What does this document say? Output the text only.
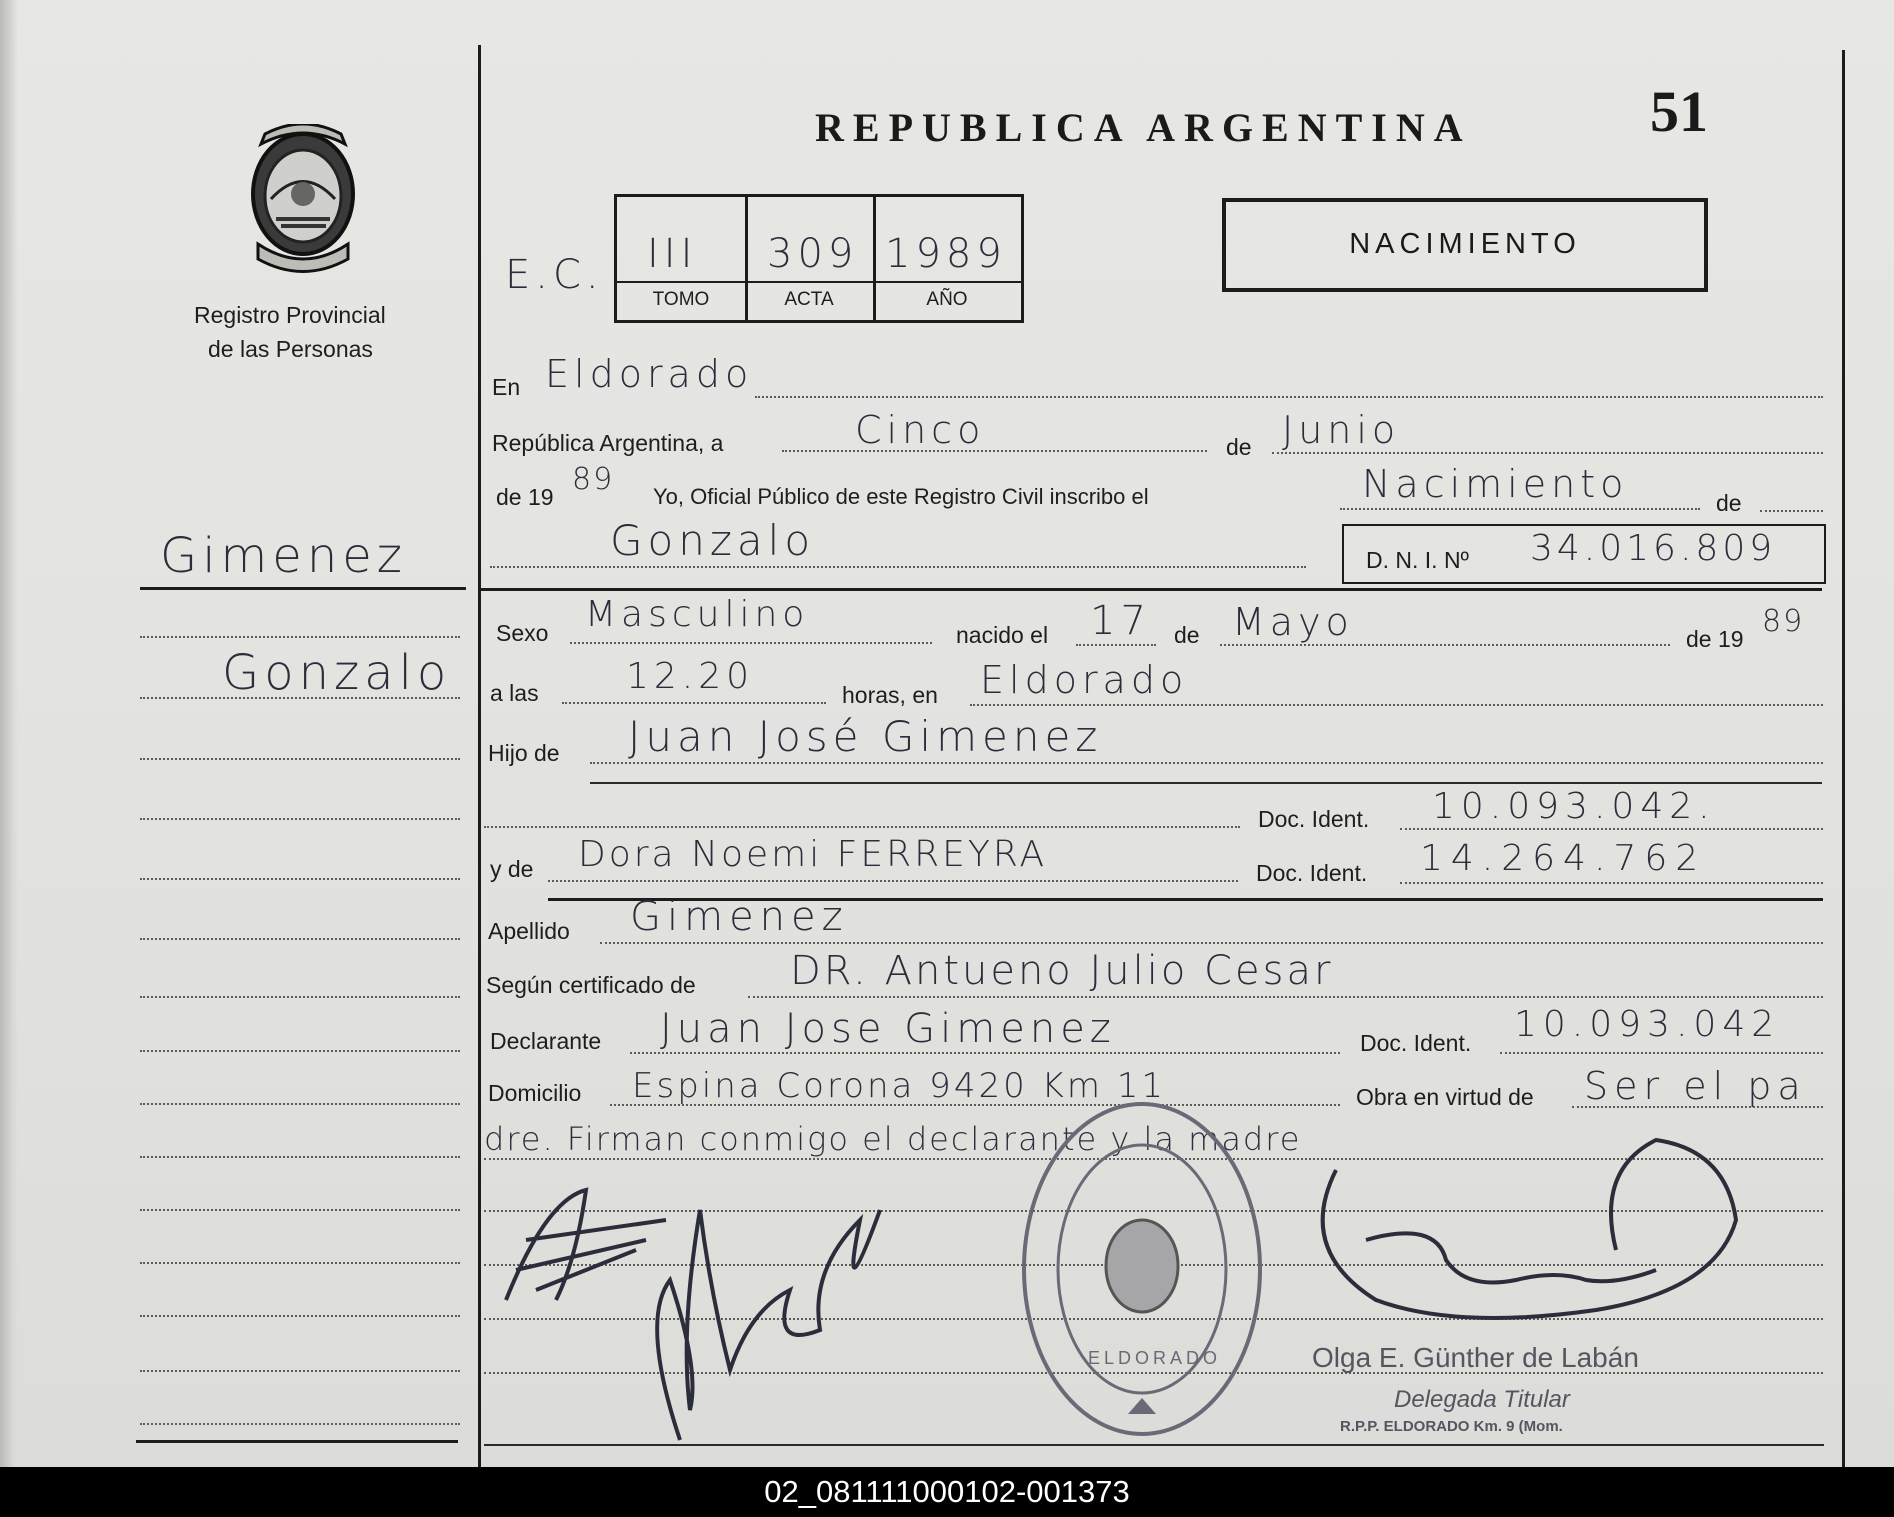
Registro Provincial
de las Personas
Gimenez
Gonzalo
REPUBLICA ARGENTINA	51
E.C. III 309 1989
TOMO	ACTA	AÑO
NACIMIENTO
En Eldorado
República Argentina, a	Cinco	de Junio
de 19 89 Yo, Oficial Público de este Registro Civil inscribo el	Nacimiento	de
Gonzalo	D. N. I. Nº 34.016.809
Sexo Masculino	nacido el 17 de Mayo	de 19 89
a las 12.20	horas, en Eldorado
Hijo de Juan José Gimenez
Doc. Ident. 10.093.042.
y de Dora Noemi FERREYRA	Doc. Ident. 14.264.762
Apellido Gimenez
Según certificado de DR. Antueno Julio Cesar
Declarante Juan Jose Gimenez	Doc. Ident. 10.093.042
Domicilio Espina Corona 9420 Km 11	Obra en virtud de Ser el pa
dre. Firman conmigo el declarante y la madre
ELDORADO	Olga E. Günther de Labán
Delegada Titular
R.P.P. ELDORADO Km. 9 (Mom.
02_081111000102-001373
